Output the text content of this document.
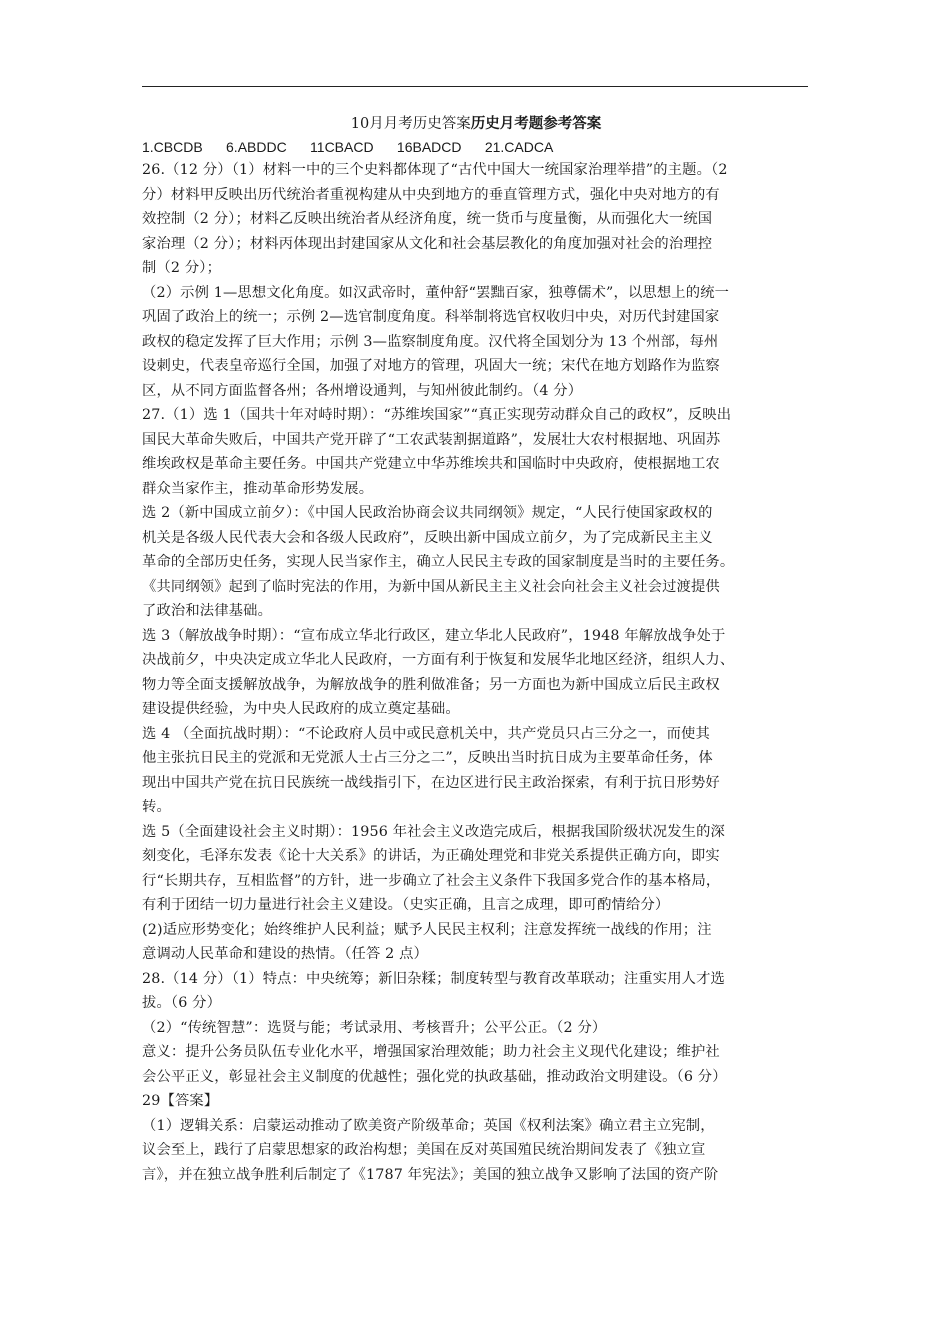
10月月考历史答案历史月考题参考答案
1.CBCDB      6.ABDDC      11CBACD      16BADCD      21.CADCA
26.（12 分）（1）材料一中的三个史料都体现了“古代中国大一统国家治理举措”的主题。（2
分）材料甲反映出历代统治者重视构建从中央到地方的垂直管理方式，强化中央对地方的有
效控制（2 分）；材料乙反映出统治者从经济角度，统一货币与度量衡，从而强化大一统国
家治理（2 分）；材料丙体现出封建国家从文化和社会基层教化的角度加强对社会的治理控
制（2 分）；
（2）示例 1—思想文化角度。如汉武帝时，董仲舒“罢黜百家，独尊儒术”，以思想上的统一
巩固了政治上的统一；示例 2—选官制度角度。科举制将选官权收归中央，对历代封建国家
政权的稳定发挥了巨大作用；示例 3—监察制度角度。汉代将全国划分为 13 个州部，每州
设刺史，代表皇帝巡行全国，加强了对地方的管理，巩固大一统；宋代在地方划路作为监察
区，从不同方面监督各州；各州增设通判，与知州彼此制约。（4 分）
27.（1）选 1（国共十年对峙时期）：“苏维埃国家”“真正实现劳动群众自己的政权”，反映出
国民大革命失败后，中国共产党开辟了“工农武装割据道路”，发展壮大农村根据地、巩固苏
维埃政权是革命主要任务。中国共产党建立中华苏维埃共和国临时中央政府，使根据地工农
群众当家作主，推动革命形势发展。
选 2（新中国成立前夕）：《中国人民政治协商会议共同纲领》规定，“人民行使国家政权的
机关是各级人民代表大会和各级人民政府”，反映出新中国成立前夕，为了完成新民主主义
革命的全部历史任务，实现人民当家作主，确立人民民主专政的国家制度是当时的主要任务。
《共同纲领》起到了临时宪法的作用，为新中国从新民主主义社会向社会主义社会过渡提供
了政治和法律基础。
选 3（解放战争时期）：“宣布成立华北行政区，建立华北人民政府”，1948 年解放战争处于
决战前夕，中央决定成立华北人民政府，一方面有利于恢复和发展华北地区经济，组织人力、
物力等全面支援解放战争，为解放战争的胜利做准备；另一方面也为新中国成立后民主政权
建设提供经验，为中央人民政府的成立奠定基础。
选 4 （全面抗战时期）：“不论政府人员中或民意机关中，共产党员只占三分之一，而使其
他主张抗日民主的党派和无党派人士占三分之二”，反映出当时抗日成为主要革命任务，体
现出中国共产党在抗日民族统一战线指引下，在边区进行民主政治探索，有利于抗日形势好
转。
选 5（全面建设社会主义时期）：1956 年社会主义改造完成后，根据我国阶级状况发生的深
刻变化，毛泽东发表《论十大关系》的讲话，为正确处理党和非党关系提供正确方向，即实
行“长期共存，互相监督”的方针，进一步确立了社会主义条件下我国多党合作的基本格局，
有利于团结一切力量进行社会主义建设。（史实正确，且言之成理，即可酌情给分）
(2)适应形势变化；始终维护人民利益；赋予人民民主权利；注意发挥统一战线的作用；注
意调动人民革命和建设的热情。（任答 2 点）
28.（14 分）（1）特点：中央统筹；新旧杂糅；制度转型与教育改革联动；注重实用人才选
拔。（6 分）
（2）“传统智慧”：选贤与能；考试录用、考核晋升；公平公正。（2 分）
意义：提升公务员队伍专业化水平，增强国家治理效能；助力社会主义现代化建设；维护社
会公平正义，彰显社会主义制度的优越性；强化党的执政基础，推动政治文明建设。（6 分）
29【答案】
（1）逻辑关系：启蒙运动推动了欧美资产阶级革命；英国《权利法案》确立君主立宪制，
议会至上，践行了启蒙思想家的政治构想；美国在反对英国殖民统治期间发表了《独立宣
言》，并在独立战争胜利后制定了《1787 年宪法》；美国的独立战争又影响了法国的资产阶
